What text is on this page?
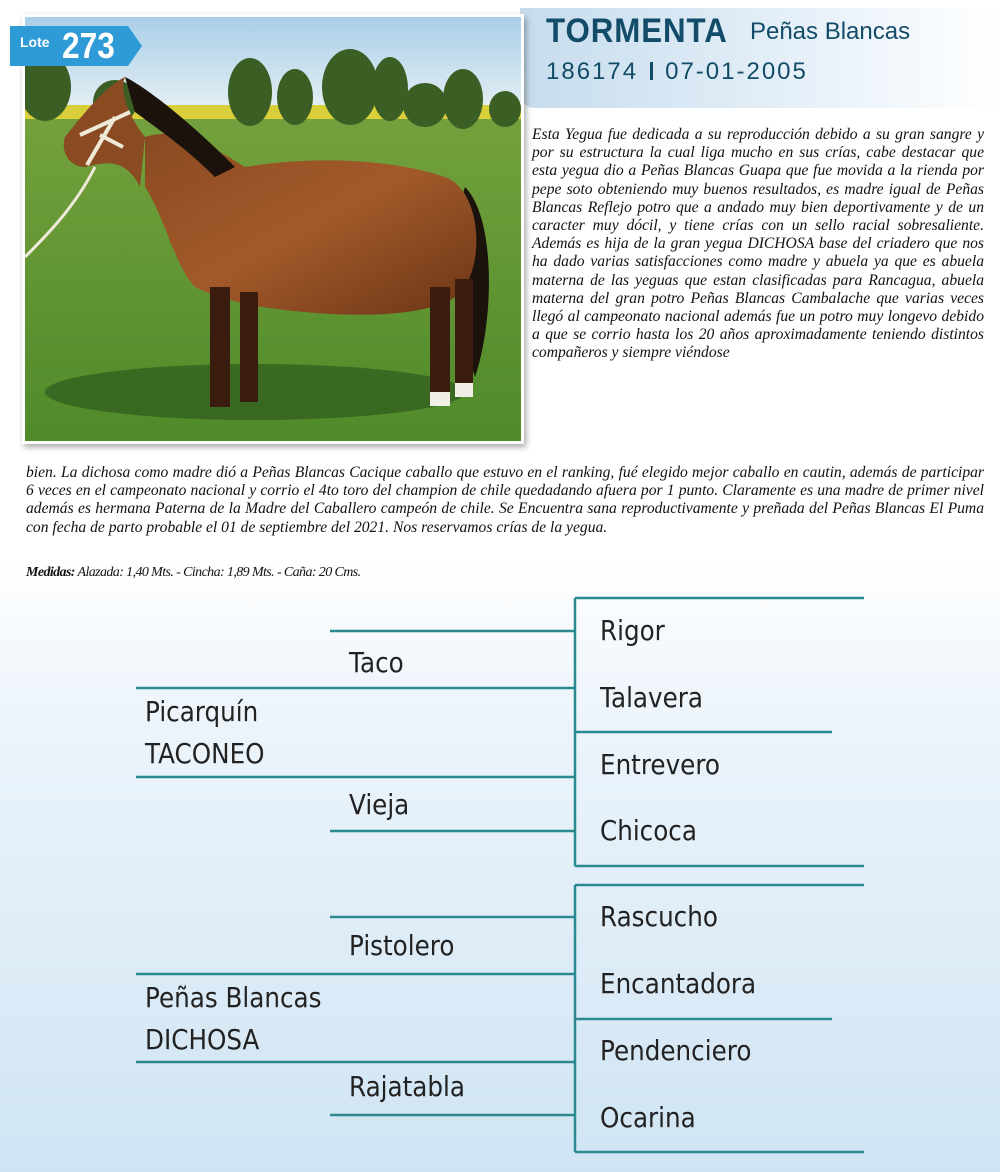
TORMENTA Peñas Blancas
186174 07-01-2005
Lote 273
Esta Yegua fue dedicada a su reproducción debido a su gran sangre y por su estructura la cual liga mucho en sus crías, cabe destacar que esta yegua dio a Peñas Blancas Guapa que fue movida a la rienda por pepe soto obteniendo muy buenos resultados, es madre igual de Peñas Blancas Reflejo potro que a andado muy bien deportivamente y de un caracter muy dócil, y tiene crías con un sello racial sobresaliente. Además es hija de la gran yegua DICHOSA base del criadero que nos ha dado varias satisfacciones como madre y abuela ya que es abuela materna de las yeguas que estan clasificadas para Rancagua, abuela materna del gran potro Peñas Blancas Cambalache que varias veces llegó al campeonato nacional además fue un potro muy longevo debido a que se corrio hasta los 20 años aproximadamente teniendo distintos compañeros y siempre viéndose
bien. La dichosa como madre dió a Peñas Blancas Cacique caballo que estuvo en el ranking, fué elegido mejor caballo en cautin, además de participar 6 veces en el campeonato nacional y corrio el 4to toro del champion de chile quedadando afuera por 1 punto. Claramente es una madre de primer nivel además es hermana Paterna de la Madre del Caballero campeón de chile. Se Encuentra sana reproductivamente y preñada del Peñas Blancas El Puma con fecha de parto probable el 01 de septiembre del 2021. Nos reservamos crías de la yegua.
Medidas: Alazada: 1,40 Mts. - Cincha: 1,89 Mts. - Caña: 20 Cms.
Picarquín
TACONEO
Taco
Vieja
Rigor
Talavera
Entrevero
Chicoca
Peñas Blancas
DICHOSA
Pistolero
Rajatabla
Rascucho
Encantadora
Pendenciero
Ocarina
